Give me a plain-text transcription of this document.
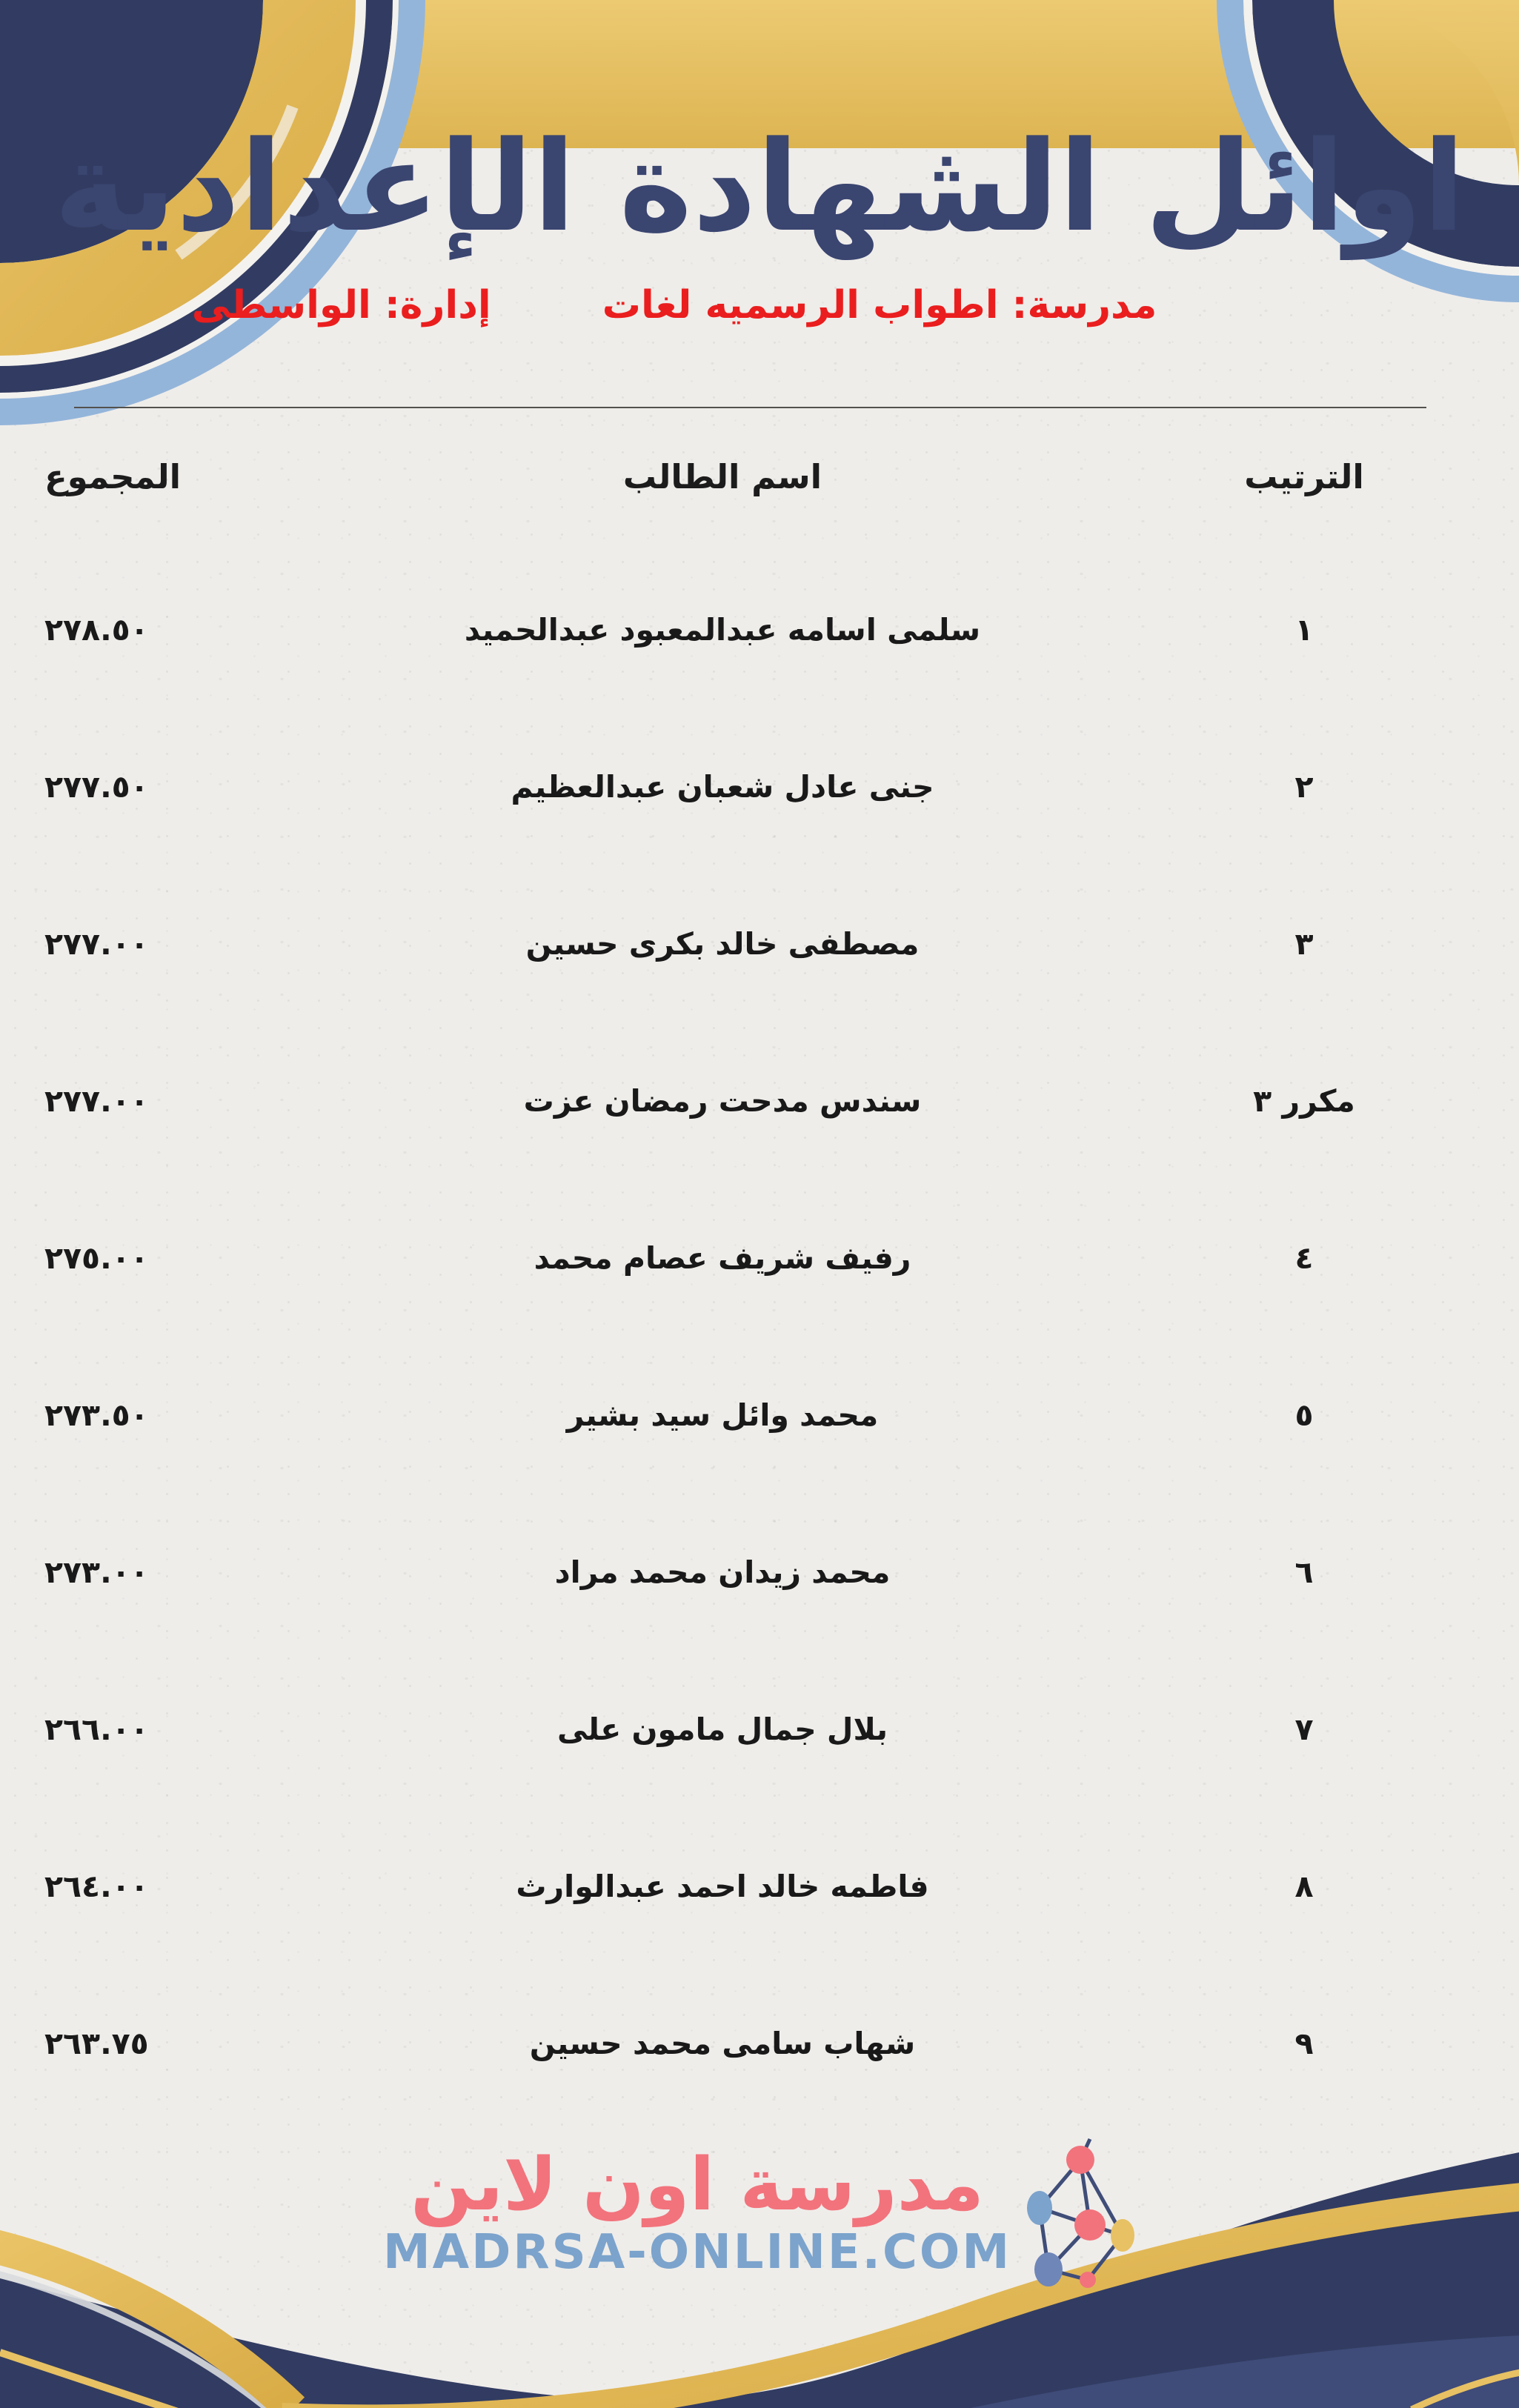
اوائل الشهادة الإعدادية
مدرسة: اطواب الرسميه لغات
إدارة: الواسطى
الترتيب
اسم الطالب
المجموع
١
سلمى اسامه عبدالمعبود عبدالحميد
٢٧٨.٥٠
٢
جنى عادل شعبان عبدالعظيم
٢٧٧.٥٠
٣
مصطفى خالد بكرى حسين
٢٧٧.٠٠
مكرر ٣
سندس مدحت رمضان عزت
٢٧٧.٠٠
٤
رفيف شريف عصام محمد
٢٧٥.٠٠
٥
محمد وائل سيد بشير
٢٧٣.٥٠
٦
محمد زيدان محمد مراد
٢٧٣.٠٠
٧
بلال جمال مامون على
٢٦٦.٠٠
٨
فاطمه خالد احمد عبدالوارث
٢٦٤.٠٠
٩
شهاب سامى محمد حسين
٢٦٣.٧٥
مدرسة اون لاين
MADRSA-ONLINE.COM
